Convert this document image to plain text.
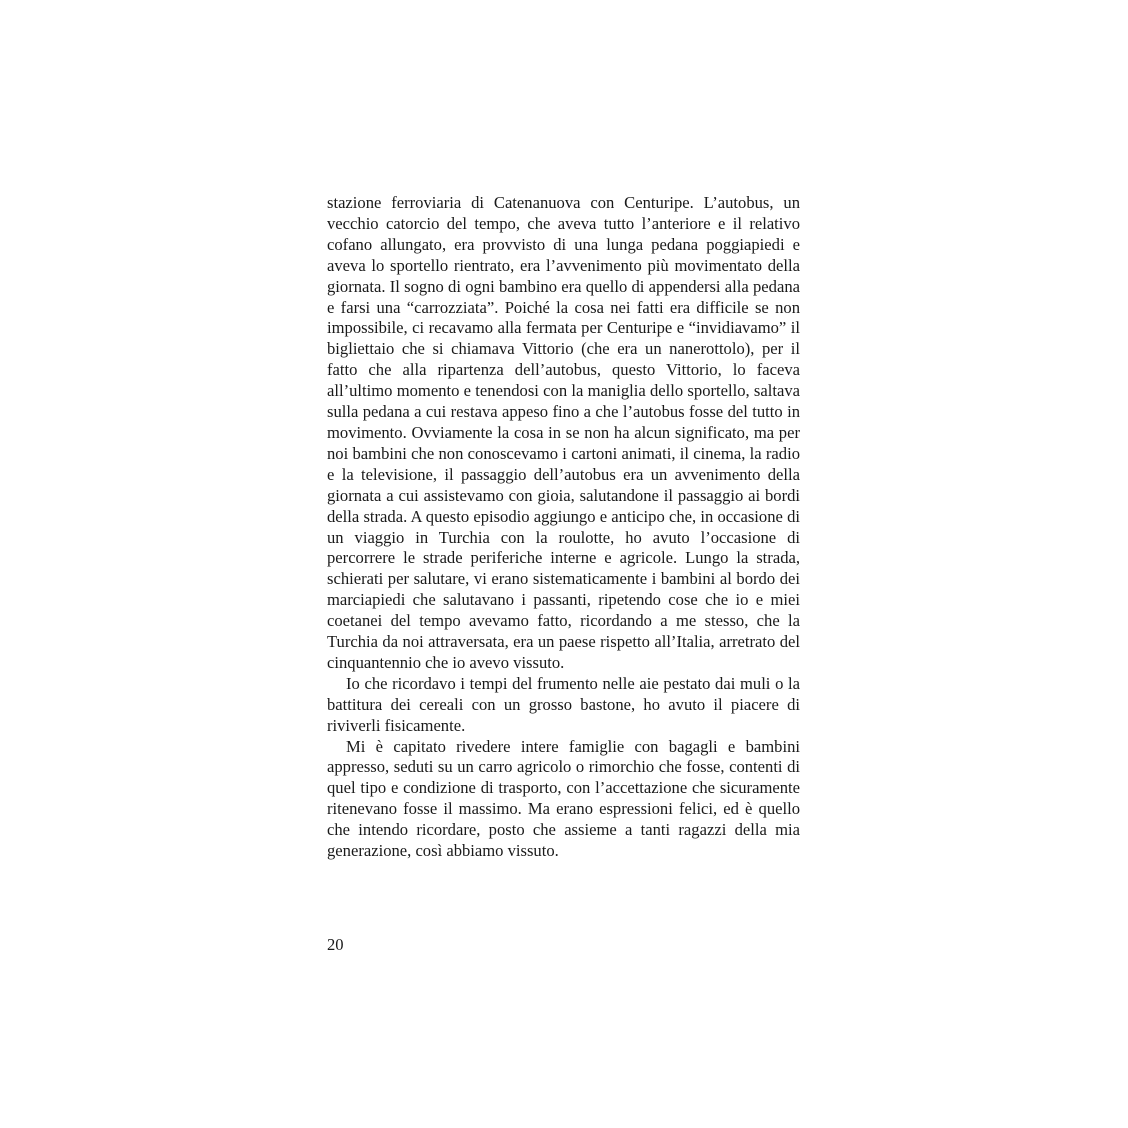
stazione ferroviaria di Catenanuova con Centuripe. L’autobus, un vecchio catorcio del tempo, che aveva tutto l’anteriore e il relativo cofano allungato, era provvisto di una lunga pedana poggiapiedi e aveva lo sportello rientrato, era l’avvenimento più movimentato della giornata. Il sogno di ogni bambino era quello di appendersi alla pedana e farsi una “carrozziata”. Poiché la cosa nei fatti era difficile se non impossibile, ci recavamo alla fermata per Centuripe e “invidiavamo” il bigliettaio che si chiamava Vittorio (che era un nanerottolo), per il fatto che alla ripartenza dell’autobus, questo Vittorio, lo faceva all’ultimo momento e tenendosi con la maniglia dello sportello, saltava sulla pedana a cui restava appeso fino a che l’autobus fosse del tutto in movimento. Ovviamente la cosa in se non ha alcun significato, ma per noi bambini che non conoscevamo i cartoni animati, il cinema, la radio e la televisione, il passaggio dell’autobus era un avvenimento della giornata a cui assistevamo con gioia, salutandone il passaggio ai bordi della strada. A questo episodio aggiungo e anticipo che, in occasione di un viaggio in Turchia con la roulotte, ho avuto l’occasione di percorrere le strade periferiche interne e agricole. Lungo la strada, schierati per salutare, vi erano sistematicamente i bambini al bordo dei marciapiedi che salutavano i passanti, ripetendo cose che io e miei coetanei del tempo avevamo fatto, ricordando a me stesso, che la Turchia da noi attraversata, era un paese rispetto all’Italia, arretrato del cinquantennio che io avevo vissuto.

Io che ricordavo i tempi del frumento nelle aie pestato dai muli o la battitura dei cereali con un grosso bastone, ho avuto il piacere di riviverli fisicamente.

Mi è capitato rivedere intere famiglie con bagagli e bambini appresso, seduti su un carro agricolo o rimorchio che fosse, contenti di quel tipo e condizione di trasporto, con l’accettazione che sicuramente ritenevano fosse il massimo. Ma erano espressioni felici, ed è quello che intendo ricordare, posto che assieme a tanti ragazzi della mia generazione, così abbiamo vissuto.

20
